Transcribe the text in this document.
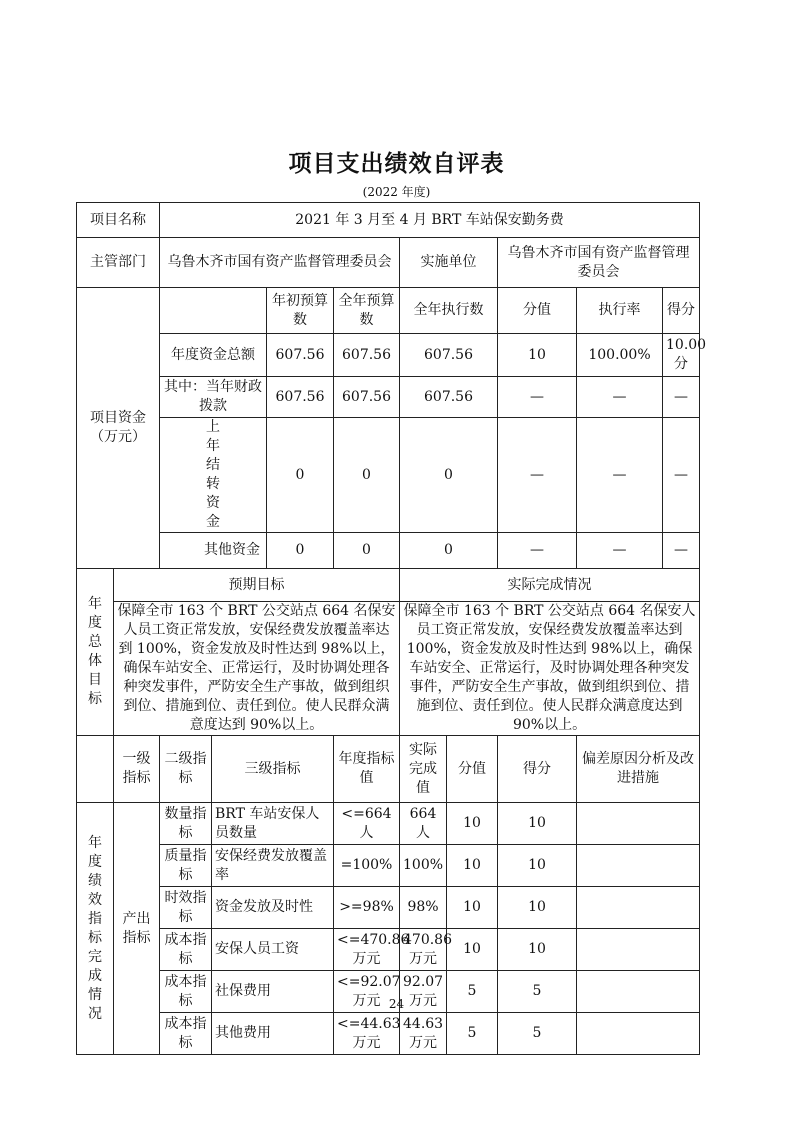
项目支出绩效自评表
(2022 年度)
项目名称		2021 年 3 月至 4 月 BRT 车站保安勤务费								
主管部门		乌鲁木齐市国有资产监督管理委员会				实施单位		乌鲁木齐市国有资产监督管理委员会		
项目资金（万元）				年初预算数	全年预算数	全年执行数		分值	执行率	得分
		年度资金总额		607.56	607.56	607.56		10	100.00%	10.00 分
		其中：当年财政拨款		607.56	607.56	607.56		—	—	—
		上年结转资金		0	0	0		—	—	—
		其他资金		0	0	0		—	—	—
年度总体目标	预期目标					实际完成情况				
	保障全市 163 个 BRT 公交站点 664 名保安人员工资正常发放，安保经费发放覆盖率达到 100%，资金发放及时性达到 98%以上，确保车站安全、正常运行，及时协调处理各种突发事件，严防安全生产事故，做到组织到位、措施到位、责任到位。使人民群众满意度达到 90%以上。					保障全市 163 个 BRT 公交站点 664 名保安人员工资正常发放，安保经费发放覆盖率达到 100%，资金发放及时性达到 98%以上，确保车站安全、正常运行，及时协调处理各种突发事件，严防安全生产事故，做到组织到位、措施到位、责任到位。使人民群众满意度达到 90%以上。				
	一级指标	二级指标	三级指标		年度指标值	实际完成值	分值	得分	偏差原因分析及改进措施	
年度绩效指标完成情况	产出指标	数量指标	BRT 车站安保人员数量		<=664 人	664 人	10	10		
		质量指标	安保经费发放覆盖率		=100%	100%	10	10		
		时效指标	资金发放及时性		>=98%	98%	10	10		
		成本指标	安保人员工资		<=470.86 万元	470.86 万元	10	10		
		成本指标	社保费用		<=92.07 万元	92.07 万元	5	5		
		成本指标	其他费用		<=44.63 万元	44.63 万元	5	5		
24
